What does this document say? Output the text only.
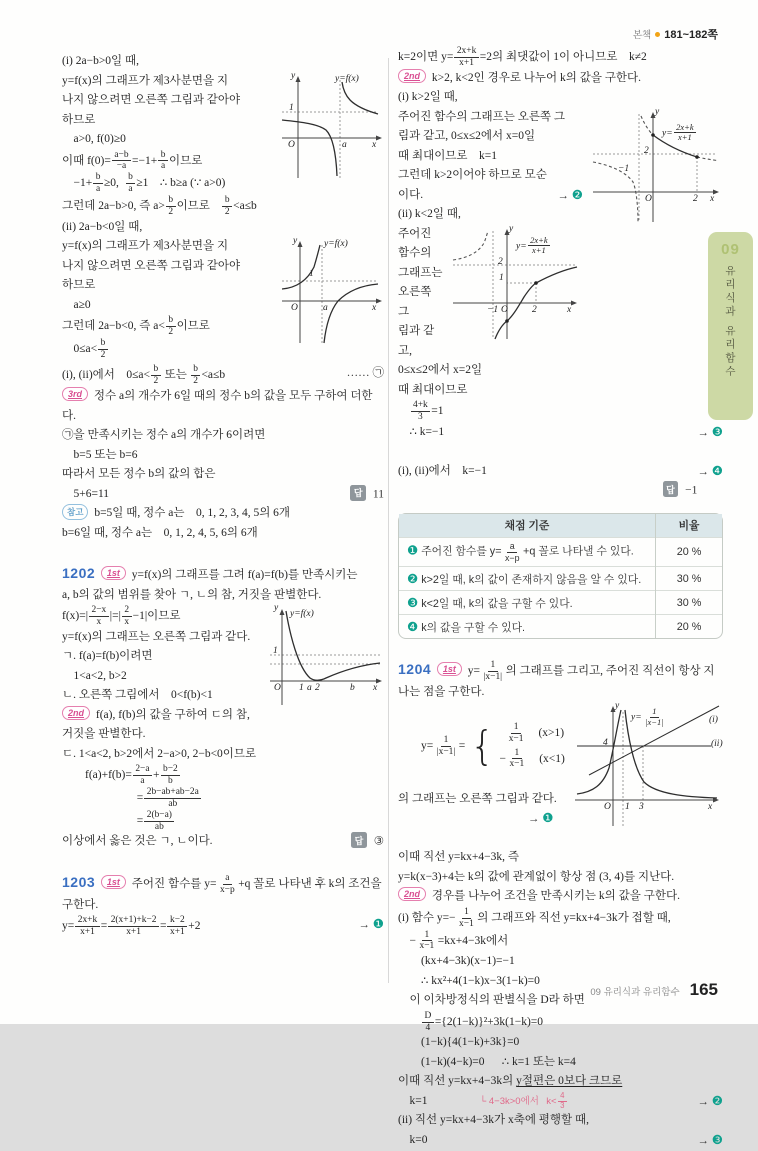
본책 181~182쪽
09
유리식과 유리함수
(i) 2a−b>0일 때,
y	y=f(x)
1
O	a	x
y=f(x)의 그래프가 제3사분면을 지
나지 않으려면 오른쪽 그림과 같아야
하므로
 a>0, f(0)≥0
이때 $f(0)= \frac{a-b}{-a} =-1+ \frac{b}{a}$ 이므로
 $-1+ \frac{b}{a} \ge 0$,  $\frac{b}{a} \ge 1$  ∴ b≥a (∵ a>0)
그런데 2a−b>0, 즉 $a> \frac{b}{2}$ 이므로   $\frac{b}{2} <a\le b$
(ii) 2a−b<0일 때,
y	y=f(x)
1
O	a	x
y=f(x)의 그래프가 제3사분면을 지
나지 않으려면 오른쪽 그림과 같아야
하므로
 a≥0
그런데 2a−b<0, 즉 $a< \frac{b}{2}$ 이므로
 $0\le a< \frac{b}{2}$
…… ㉠
(i), (ii)에서  $0\le a< \frac{b}{2}$ 또는 $\frac{b}{2} <a\le b$
3rd 정수 a의 개수가 6일 때의 정수 b의 값을 모두 구하여 더한다.
㉠을 만족시키는 정수 a의 개수가 6이려면
 b=5 또는 b=6
따라서 모든 정수 b의 값의 합은
답 11
 5+6=11
참고 b=5일 때, 정수 a는  0, 1, 2, 3, 4, 5의 6개
b=6일 때, 정수 a는  0, 1, 2, 4, 5, 6의 6개
1202  1st y=f(x)의 그래프를 그려 f(a)=f(b)를 만족시키는
a, b의 값의 범위를 찾아 ㄱ, ㄴ의 참, 거짓을 판별한다.
y
y=f(x)
1
O 1 a 2	b x
$f(x)=| \frac{2-x}{x}$ |=| $\frac{2}{x} -1|$이므로
y=f(x)의 그래프는 오른쪽 그림과 같다.
ㄱ. f(a)=f(b)이려면
 1<a<2, b>2
ㄴ. 오른쪽 그림에서  0<f(b)<1
2nd f(a), f(b)의 값을 구하여 ㄷ의 참, 거짓을 판별한다.
ㄷ. 1<a<2, b>2에서 2−a>0, 2−b<0이므로
  $f(a)+f(b)= \frac{2-a}{a} + \frac{b-2}{b}$
       = $\frac{2b-ab+ab-2a}{ab}$
       = $\frac{2(b-a)}{ab}$
답 ③
이상에서 옳은 것은 ㄱ, ㄴ이다.
1203  1st 주어진 함수를 $y= \frac{a}{x-p} +q$ 꼴로 나타낸 후 k의 조건을
구한다.
→ ❶
$y= \frac{2x+k}{x+1} = \frac{2(x+1)+k-2}{x+1} = \frac{k-2}{x+1} +2$
k=2이면 $y= \frac{2x+k}{x+1} =2$의 최댓값이 1이 아니므로  k≠2
2nd k>2, k<2인 경우로 나누어 k의 값을 구한다.
(i) k>2일 때,
y
$y= \frac{2x+k}{x+1}$
2
−1
O	2 x
주어진 함수의 그래프는 오른쪽 그
림과 같고, 0≤x≤2에서 x=0일
때 최대이므로  k=1
그런데 k>2이어야 하므로 모순
→ ❷
이다.
(ii) k<2일 때,
y
$y= \frac{2x+k}{x+1}$
2
1
−1 O	2	x
주어진 함수의 그래프는 오른쪽 그
림과 같고, 0≤x≤2에서 x=2일
때 최대이므로

$\frac{4+k}{3} =1$
→ ❸
 ∴ k=−1

→ ❹
(i), (ii)에서  k=−1
답 −1

채점 기준	비율
❶ 주어진 함수를 $y= \frac{a}{x-p} +q$ 꼴로 나타낼 수 있다.	20 %
❷ k>2일 때, k의 값이 존재하지 않음을 알 수 있다.	30 %
❸ k<2일 때, k의 값을 구할 수 있다.	30 %
❹ k의 값을 구할 수 있다.	20 %
1204  1st $y= \frac{1}{|x-1|}$ 의 그래프를 그리고, 주어진 직선이 항상 지
나는 점을 구한다.
y
$y= \frac{1}{|x-1|}$
4
O 1 3	x
(i)
(ii)

$y= \frac{1}{|x-1|}$ = {
  $\frac{1}{x-1}$   (x>1)
− $\frac{1}{x-1}$   (x<1)

의 그래프는 오른쪽 그림과 같다.
→ ❶  

이때 직선 y=kx+4−3k, 즉
y=k(x−3)+4는 k의 값에 관계없이 항상 점 (3, 4)를 지난다.
2nd 경우를 나누어 조건을 만족시키는 k의 값을 구한다.
(i) 함수 $y=- \frac{1}{x-1}$ 의 그래프와 직선 y=kx+4−3k가 접할 때,
 − $\frac{1}{x-1} =kx+4-3k$에서
  (kx+4−3k)(x−1)=−1
  ∴ kx²+4(1−k)x−3(1−k)=0
 이 이차방정식의 판별식을 D라 하면

$\frac{D}{4} =\{2(1-k)\}^2+3k(1-k)=0$
  (1−k){4(1−k)+3k}=0
  (1−k)(4−k)=0   ∴ k=1 또는 k=4
이때 직선 y=kx+4−3k의 y절편은 0보다 크므로
→ ❷
 k=1    └ 4−3k>0에서  $k< \frac{4}{3}$
(ii) 직선 y=kx+4−3k가 x축에 평행할 때,
→ ❸
 k=0
09 유리식과 유리함수 165
